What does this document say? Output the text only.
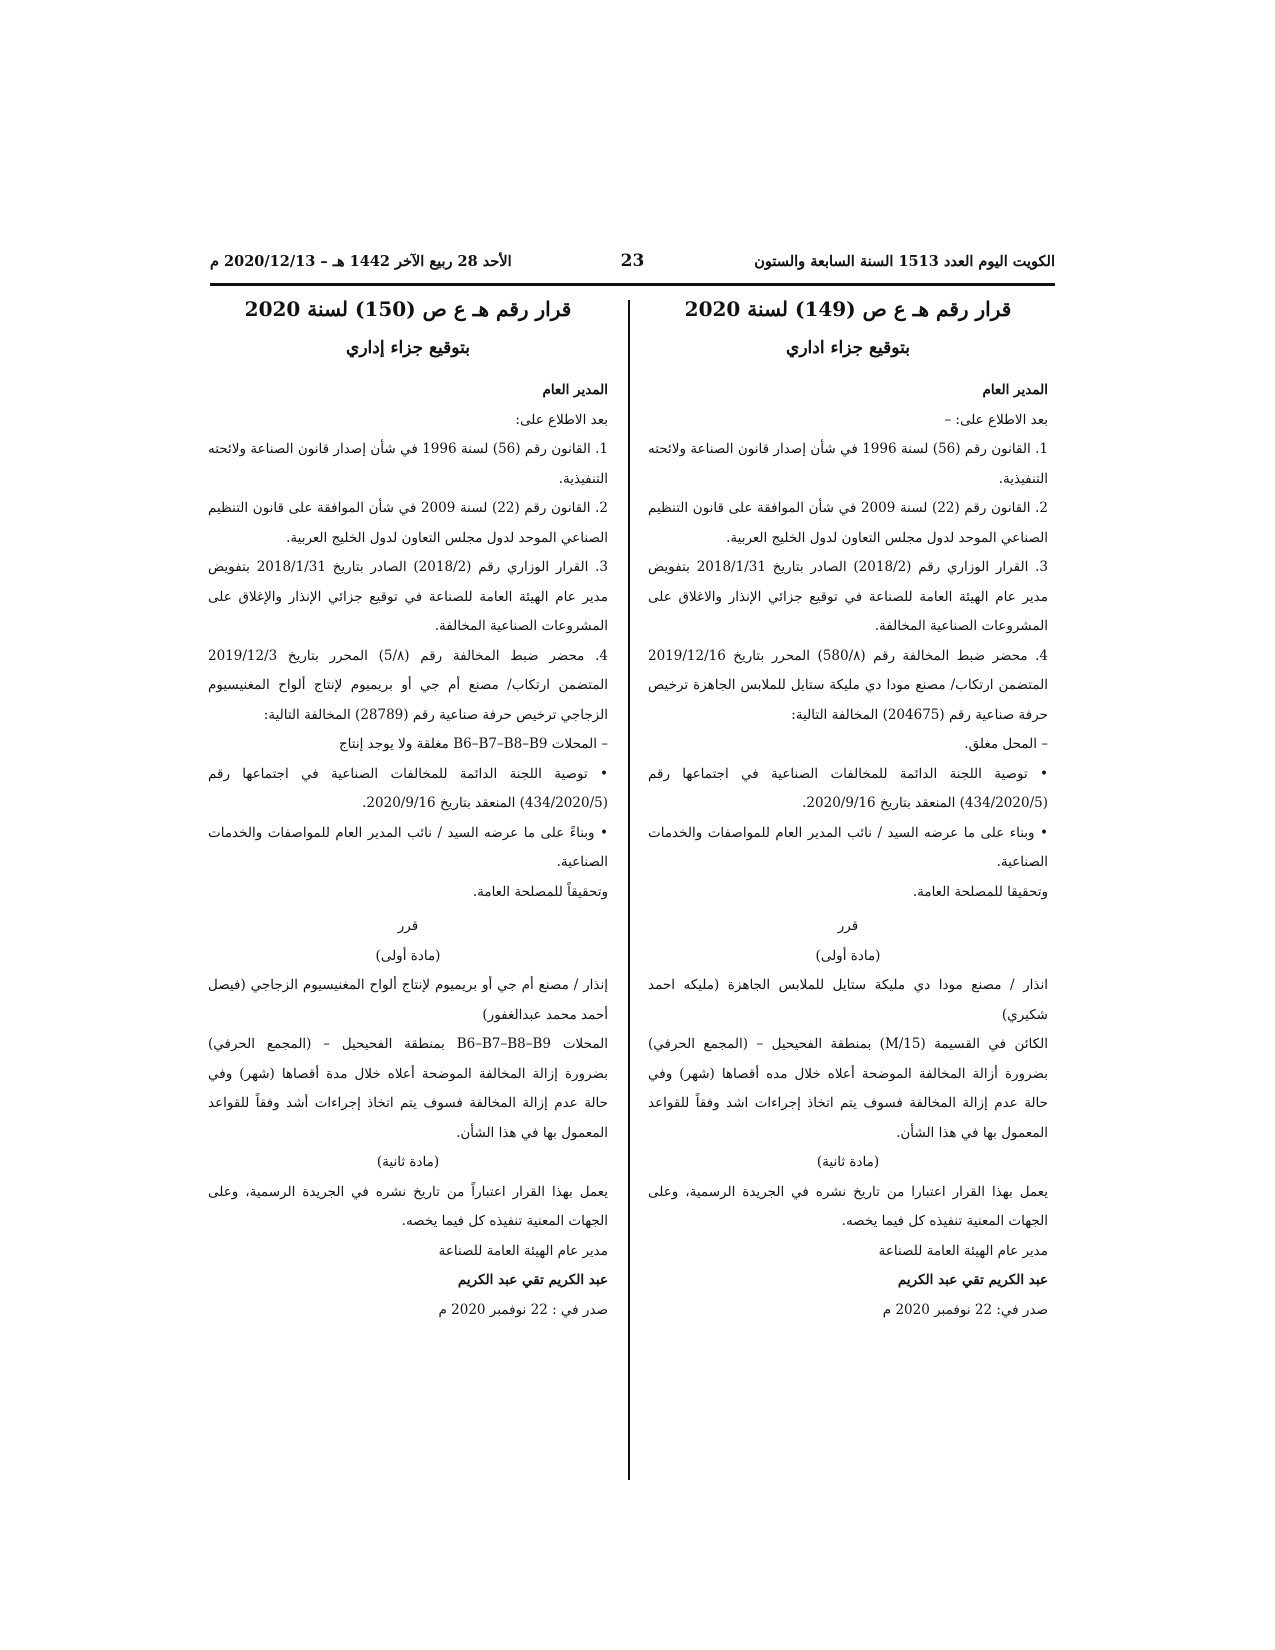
الكويت اليوم العدد 1513 السنة السابعة والستون
23
الأحد 28 ربيع الآخر 1442 هـ – 2020/12/13 م
قرار رقم هـ ع ص (149) لسنة 2020
بتوقيع جزاء اداري

المدير العام

بعد الاطلاع على: –

1. القانون رقم (56) لسنة 1996 في شأن إصدار قانون الصناعة ولائحته التنفيذية.

2. القانون رقم (22) لسنة 2009 في شأن الموافقة على قانون التنظيم الصناعي الموحد لدول مجلس التعاون لدول الخليج العربية.

3. القرار الوزاري رقم (2018/2) الصادر بتاريخ 2018/1/31 بتفويض مدير عام الهيئة العامة للصناعة في توقيع جزائي الإنذار والاغلاق على المشروعات الصناعية المخالفة.

4. محضر ضبط المخالفة رقم (580/٨) المحرر بتاريخ 2019/12/16 المتضمن ارتكاب/ مصنع مودا دي مليكة ستايل للملابس الجاهزة ترخيص حرفة صناعية رقم (204675) المخالفة التالية:

– المحل مغلق.

• توصية اللجنة الدائمة للمخالفات الصناعية في اجتماعها رقم (434/2020/5) المنعقد بتاريخ 2020/9/16.

• وبناء على ما عرضه السيد / نائب المدير العام للمواصفات والخدمات الصناعية.

وتحقيقا للمصلحة العامة.

قرر

(مادة أولى)

انذار / مصنع مودا دي مليكة ستايل للملابس الجاهزة (مليكه احمد شكيري)

الكائن في القسيمة (M/15) بمنطقة الفحيحيل – (المجمع الحرفي) بضرورة أزالة المخالفة الموضحة أعلاه خلال مده أقصاها (شهر) وفي حالة عدم إزالة المخالفة فسوف يتم اتخاذ إجراءات اشد وفقاً للقواعد المعمول بها في هذا الشأن.

(مادة ثانية)

يعمل بهذا القرار اعتبارا من تاريخ نشره في الجريدة الرسمية، وعلى الجهات المعنية تنفيذه كل فيما يخصه.

مدير عام الهيئة العامة للصناعة

عبد الكريم تقي عبد الكريم

صدر في: 22 نوفمبر 2020 م

قرار رقم هـ ع ص (150) لسنة 2020
بتوقيع جزاء إداري

المدير العام

بعد الاطلاع على:

1. القانون رقم (56) لسنة 1996 في شأن إصدار قانون الصناعة ولائحته التنفيذية.

2. القانون رقم (22) لسنة 2009 في شأن الموافقة على قانون التنظيم الصناعي الموحد لدول مجلس التعاون لدول الخليج العربية.

3. القرار الوزاري رقم (2018/2) الصادر بتاريخ 2018/1/31 بتفويض مدير عام الهيئة العامة للصناعة في توقيع جزائي الإنذار والإغلاق على المشروعات الصناعية المخالفة.

4. محضر ضبط المخالفة رقم (5/٨) المحرر بتاريخ 2019/12/3 المتضمن ارتكاب/ مصنع أم جي أو بريميوم لإنتاج ألواح المغنيسيوم الزجاجي ترخيص حرفة صناعية رقم (28789) المخالفة التالية:

– المحلات B6–B7–B8–B9 مغلقة ولا يوجد إنتاج

• توصية اللجنة الدائمة للمخالفات الصناعية في اجتماعها رقم (434/2020/5) المنعقد بتاريخ 2020/9/16.

• وبناءً على ما عرضه السيد / نائب المدير العام للمواصفات والخدمات الصناعية.

وتحقيقاً للمصلحة العامة.

قرر

(مادة أولى)

إنذار / مصنع أم جي أو بريميوم لإنتاج ألواح المغنيسيوم الزجاجي (فيصل أحمد محمد عبدالغفور)

المحلات B6–B7–B8–B9 بمنطقة الفحيحيل – (المجمع الحرفي) بضرورة إزالة المخالفة الموضحة أعلاه خلال مدة أقصاها (شهر) وفي حالة عدم إزالة المخالفة فسوف يتم اتخاذ إجراءات أشد وفقاً للقواعد المعمول بها في هذا الشأن.

(مادة ثانية)

يعمل بهذا القرار اعتباراً من تاريخ نشره في الجريدة الرسمية، وعلى الجهات المعنية تنفيذه كل فيما يخصه.

مدير عام الهيئة العامة للصناعة

عبد الكريم تقي عبد الكريم

صدر في : 22 نوفمبر 2020 م
